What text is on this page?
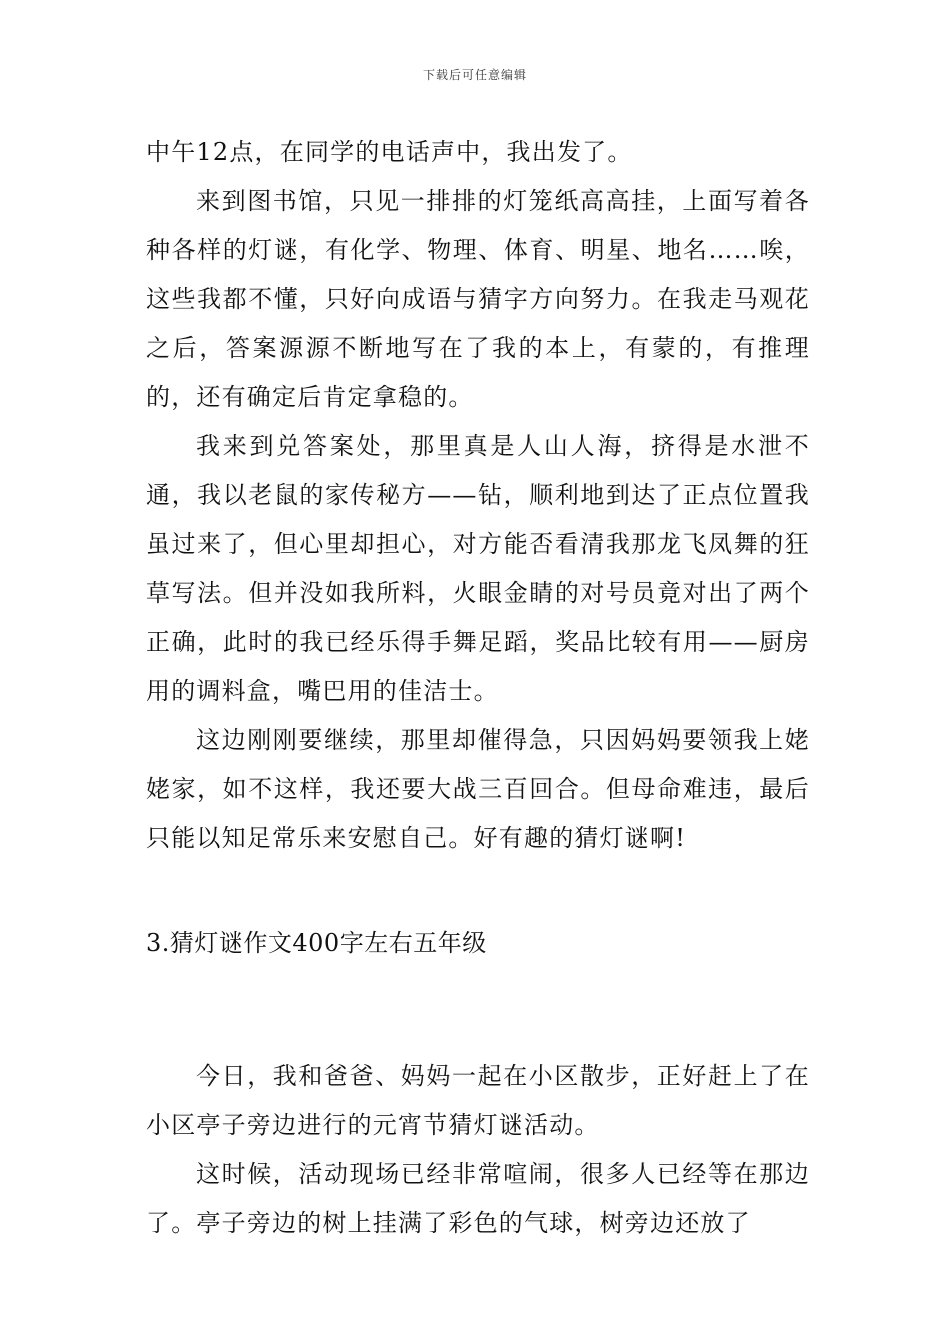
下载后可任意编辑

中午12点，在同学的电话声中，我出发了。

来到图书馆，只见一排排的灯笼纸高高挂，上面写着各种各样的灯谜，有化学、物理、体育、明星、地名……唉，这些我都不懂，只好向成语与猜字方向努力。在我走马观花之后，答案源源不断地写在了我的本上，有蒙的，有推理的，还有确定后肯定拿稳的。

我来到兑答案处，那里真是人山人海，挤得是水泄不通，我以老鼠的家传秘方——钻，顺利地到达了正点位置我虽过来了，但心里却担心，对方能否看清我那龙飞凤舞的狂草写法。但并没如我所料，火眼金睛的对号员竟对出了两个正确，此时的我已经乐得手舞足蹈，奖品比较有用——厨房用的调料盒，嘴巴用的佳洁士。

这边刚刚要继续，那里却催得急，只因妈妈要领我上姥姥家，如不这样，我还要大战三百回合。但母命难违，最后只能以知足常乐来安慰自己。好有趣的猜灯谜啊!

3.猜灯谜作文400字左右五年级

今日，我和爸爸、妈妈一起在小区散步，正好赶上了在小区亭子旁边进行的元宵节猜灯谜活动。

这时候，活动现场已经非常喧闹，很多人已经等在那边了。亭子旁边的树上挂满了彩色的气球，树旁边还放了
